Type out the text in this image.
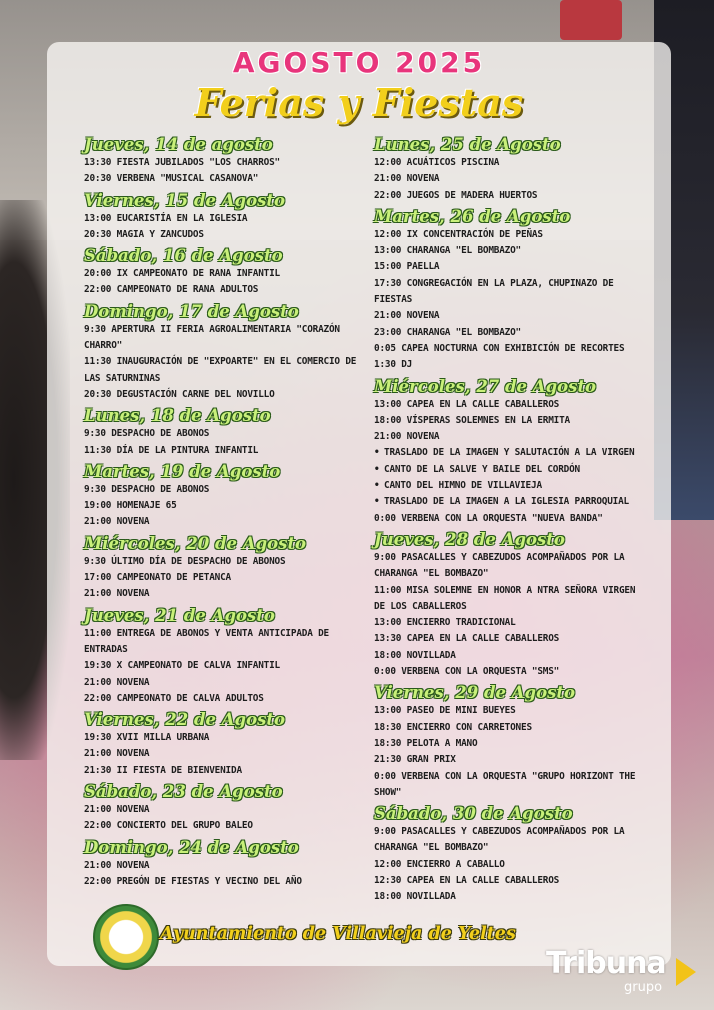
AGOSTO 2025
Ferias y Fiestas
Jueves, 14 de agosto
13:30 FIESTA JUBILADOS "LOS CHARROS"
20:30 VERBENA "MUSICAL CASANOVA"
Viernes, 15 de Agosto
13:00 EUCARISTÍA EN LA IGLESIA
20:30 MAGIA Y ZANCUDOS
Sábado, 16 de Agosto
20:00 IX CAMPEONATO DE RANA INFANTIL
22:00 CAMPEONATO DE RANA ADULTOS
Domingo, 17 de Agosto
9:30 APERTURA II FERIA AGROALIMENTARIA "CORAZÓN CHARRO"
11:30 INAUGURACIÓN DE "EXPOARTE" EN EL COMERCIO DE LAS SATURNINAS
20:30 DEGUSTACIÓN CARNE DEL NOVILLO
Lunes, 18 de Agosto
9:30 DESPACHO DE ABONOS
11:30 DÍA DE LA PINTURA INFANTIL
Martes, 19 de Agosto
9:30 DESPACHO DE ABONOS
19:00 HOMENAJE 65
21:00 NOVENA
Miércoles, 20 de Agosto
9:30 ÚLTIMO DÍA DE DESPACHO DE ABONOS
17:00 CAMPEONATO DE PETANCA
21:00 NOVENA
Jueves, 21 de Agosto
11:00 ENTREGA DE ABONOS Y VENTA ANTICIPADA DE ENTRADAS
19:30 X CAMPEONATO DE CALVA INFANTIL
21:00 NOVENA
22:00 CAMPEONATO DE CALVA ADULTOS
Viernes, 22 de Agosto
19:30 XVII MILLA URBANA
21:00 NOVENA
21:30 II FIESTA DE BIENVENIDA
Sábado, 23 de Agosto
21:00 NOVENA
22:00 CONCIERTO DEL GRUPO BALEO
Domingo, 24 de Agosto
21:00 NOVENA
22:00 PREGÓN DE FIESTAS Y VECINO DEL AÑO
Lunes, 25 de Agosto
12:00 ACUÁTICOS PISCINA
21:00 NOVENA
22:00 JUEGOS DE MADERA HUERTOS
Martes, 26 de Agosto
12:00 IX CONCENTRACIÓN DE PEÑAS
13:00 CHARANGA "EL BOMBAZO"
15:00 PAELLA
17:30 CONGREGACIÓN EN LA PLAZA, CHUPINAZO DE FIESTAS
21:00 NOVENA
23:00 CHARANGA "EL BOMBAZO"
0:05 CAPEA NOCTURNA CON EXHIBICIÓN DE RECORTES
1:30 DJ
Miércoles, 27 de Agosto
13:00 CAPEA EN LA CALLE CABALLEROS
18:00 VÍSPERAS SOLEMNES EN LA ERMITA
21:00 NOVENA
• TRASLADO DE LA IMAGEN Y SALUTACIÓN A LA VIRGEN
• CANTO DE LA SALVE Y BAILE DEL CORDÓN
• CANTO DEL HIMNO DE VILLAVIEJA
• TRASLADO DE LA IMAGEN A LA IGLESIA PARROQUIAL
0:00 VERBENA CON LA ORQUESTA "NUEVA BANDA"
Jueves, 28 de Agosto
9:00 PASACALLES Y CABEZUDOS ACOMPAÑADOS POR LA CHARANGA "EL BOMBAZO"
11:00 MISA SOLEMNE EN HONOR A NTRA SEÑORA VIRGEN DE LOS CABALLEROS
13:00 ENCIERRO TRADICIONAL
13:30 CAPEA EN LA CALLE CABALLEROS
18:00 NOVILLADA
0:00 VERBENA CON LA ORQUESTA "SMS"
Viernes, 29 de Agosto
13:00 PASEO DE MINI BUEYES
18:30 ENCIERRO CON CARRETONES
18:30 PELOTA A MANO
21:30 GRAN PRIX
0:00 VERBENA CON LA ORQUESTA "GRUPO HORIZONT THE SHOW"
Sábado, 30 de Agosto
9:00 PASACALLES Y CABEZUDOS ACOMPAÑADOS POR LA CHARANGA "EL BOMBAZO"
12:00 ENCIERRO A CABALLO
12:30 CAPEA EN LA CALLE CABALLEROS
18:00 NOVILLADA
Ayuntamiento de Villavieja de Yeltes
Tribuna
grupo
